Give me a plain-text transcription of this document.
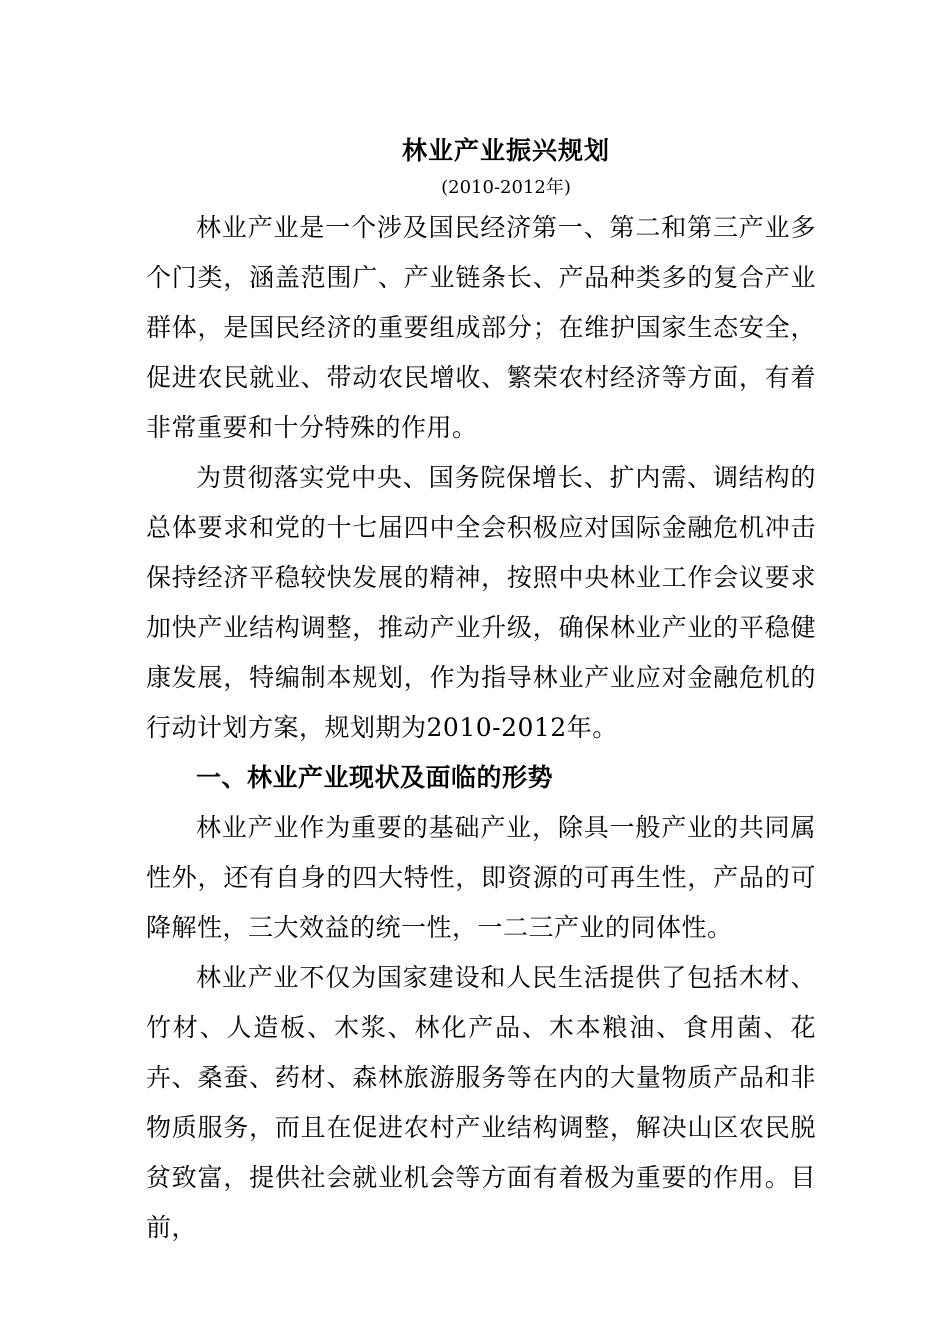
林业产业振兴规划
(2010-2012年)

林业产业是一个涉及国民经济第一、第二和第三产业多个门类，涵盖范围广、产业链条长、产品种类多的复合产业群体，是国民经济的重要组成部分；在维护国家生态安全，促进农民就业、带动农民增收、繁荣农村经济等方面，有着非常重要和十分特殊的作用。

为贯彻落实党中央、国务院保增长、扩内需、调结构的总体要求和党的十七届四中全会积极应对国际金融危机冲击保持经济平稳较快发展的精神，按照中央林业工作会议要求加快产业结构调整，推动产业升级，确保林业产业的平稳健康发展，特编制本规划，作为指导林业产业应对金融危机的行动计划方案，规划期为2010-2012年。

一、林业产业现状及面临的形势

林业产业作为重要的基础产业，除具一般产业的共同属性外，还有自身的四大特性，即资源的可再生性，产品的可降解性，三大效益的统一性，一二三产业的同体性。

林业产业不仅为国家建设和人民生活提供了包括木材、竹材、人造板、木浆、林化产品、木本粮油、食用菌、花卉、桑蚕、药材、森林旅游服务等在内的大量物质产品和非物质服务，而且在促进农村产业结构调整，解决山区农民脱贫致富，提供社会就业机会等方面有着极为重要的作用。目前，
